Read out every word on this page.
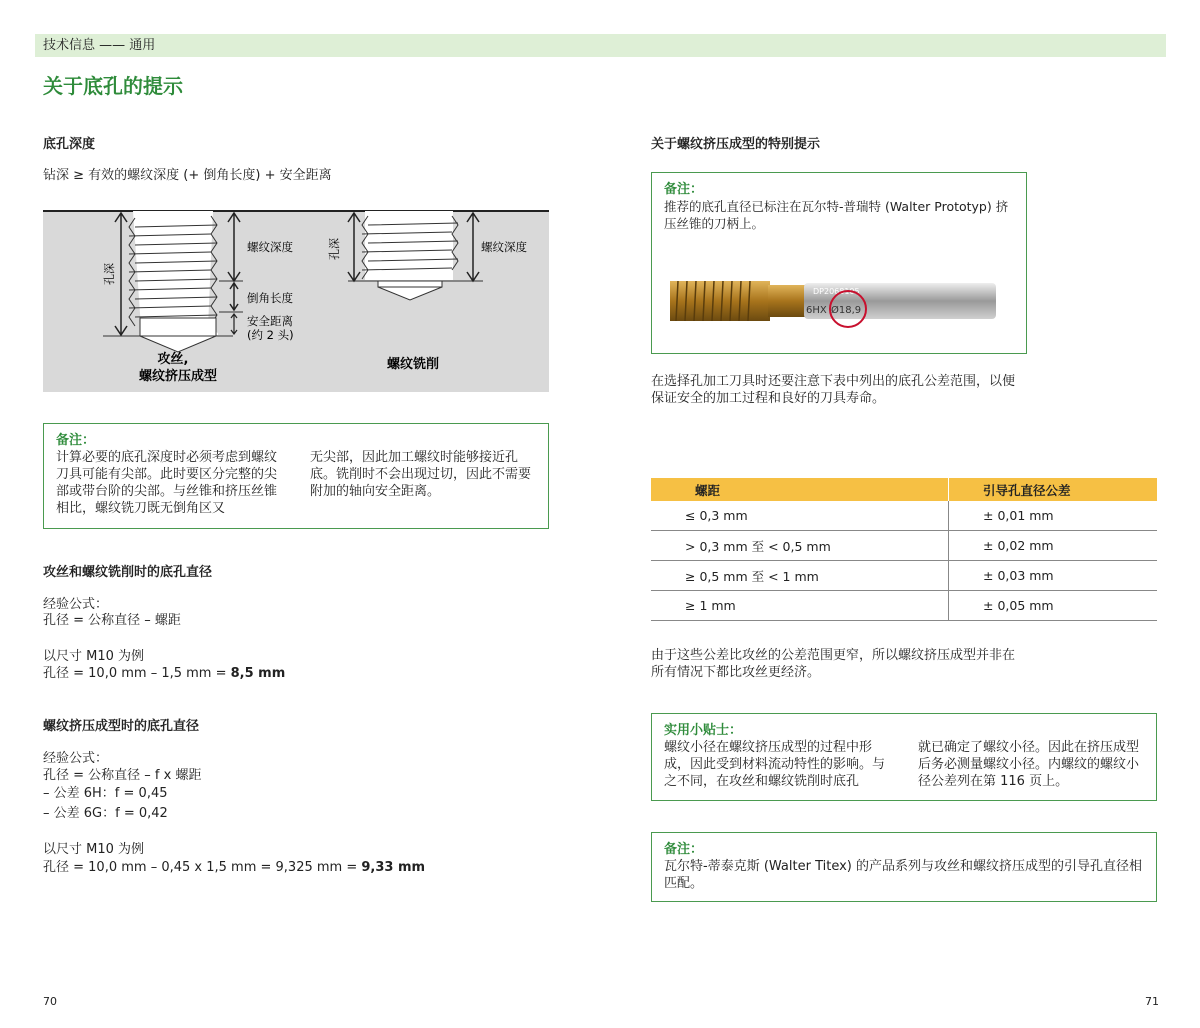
技术信息 —— 通用
关于底孔的提示
底孔深度
钻深 ≥ 有效的螺纹深度 (+ 倒角长度) + 安全距离
孔深
螺纹深度
倒角长度
安全距离
(约 2 头)
攻丝,
螺纹挤压成型
孔深	螺纹深度
螺纹铣削
备注：
计算必要的底孔深度时必须考虑到螺纹刀具可能有尖部。此时要区分完整的尖部或带台阶的尖部。与丝锥和挤压丝锥相比，螺纹铣刀既无倒角区又
无尖部，因此加工螺纹时能够接近孔底。铣削时不会出现过切，因此不需要附加的轴向安全距离。
攻丝和螺纹铣削时的底孔直径
经验公式：
孔径 = 公称直径 – 螺距
以尺寸 M10 为例
孔径 = 10,0 mm – 1,5 mm = 8,5 mm
螺纹挤压成型时的底孔直径
经验公式：
孔径 = 公称直径 – f x 螺距
– 公差 6H：f = 0,45
– 公差 6G：f = 0,42
以尺寸 M10 为例
孔径 = 10,0 mm – 0,45 x 1,5 mm = 9,325 mm = 9,33 mm
关于螺纹挤压成型的特别提示
备注：
推荐的底孔直径已标注在瓦尔特-普瑞特 (Walter Prototyp) 挤压丝锥的刀柄上。
DP2068105
6HX Ø18,9
在选择孔加工刀具时还要注意下表中列出的底孔公差范围，以便保证安全的加工过程和良好的刀具寿命。
螺距	引导孔直径公差
≤ 0,3 mm	± 0,01 mm
> 0,3 mm 至 < 0,5 mm	± 0,02 mm
≥ 0,5 mm 至 < 1 mm	± 0,03 mm
≥ 1 mm	± 0,05 mm
由于这些公差比攻丝的公差范围更窄，所以螺纹挤压成型并非在所有情况下都比攻丝更经济。
实用小贴士：
螺纹小径在螺纹挤压成型的过程中形成，因此受到材料流动特性的影响。与之不同，在攻丝和螺纹铣削时底孔
就已确定了螺纹小径。因此在挤压成型后务必测量螺纹小径。内螺纹的螺纹小径公差列在第 116 页上。
备注：
瓦尔特-蒂泰克斯 (Walter Titex) 的产品系列与攻丝和螺纹挤压成型的引导孔直径相匹配。
70	71
